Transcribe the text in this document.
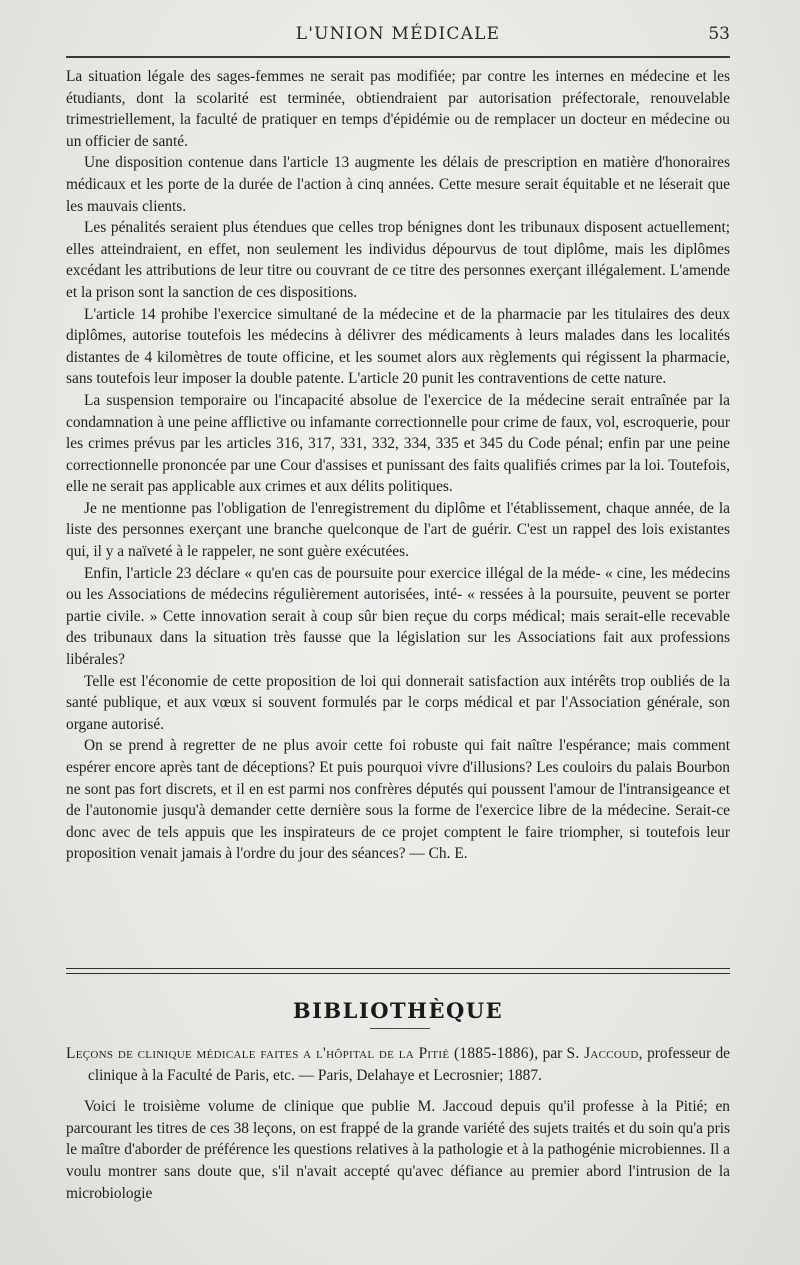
L'UNION MÉDICALE	53

La situation légale des sages-femmes ne serait pas modifiée; par contre les internes en médecine et les étudiants, dont la scolarité est terminée, obtiendraient par autorisation préfectorale, renouvelable trimestriellement, la faculté de pratiquer en temps d'épidémie ou de remplacer un docteur en médecine ou un officier de santé.

Une disposition contenue dans l'article 13 augmente les délais de prescription en matière d'honoraires médicaux et les porte de la durée de l'action à cinq années. Cette mesure serait équitable et ne léserait que les mauvais clients.

Les pénalités seraient plus étendues que celles trop bénignes dont les tribunaux disposent actuellement; elles atteindraient, en effet, non seulement les individus dépourvus de tout diplôme, mais les diplômes excédant les attributions de leur titre ou couvrant de ce titre des personnes exerçant illégalement. L'amende et la prison sont la sanction de ces dispositions.

L'article 14 prohibe l'exercice simultané de la médecine et de la pharmacie par les titulaires des deux diplômes, autorise toutefois les médecins à délivrer des médicaments à leurs malades dans les localités distantes de 4 kilomètres de toute officine, et les soumet alors aux règlements qui régissent la pharmacie, sans toutefois leur imposer la double patente. L'article 20 punit les contraventions de cette nature.

La suspension temporaire ou l'incapacité absolue de l'exercice de la médecine serait entraînée par la condamnation à une peine afflictive ou infamante correctionnelle pour crime de faux, vol, escroquerie, pour les crimes prévus par les articles 316, 317, 331, 332, 334, 335 et 345 du Code pénal; enfin par une peine correctionnelle prononcée par une Cour d'assises et punissant des faits qualifiés crimes par la loi. Toutefois, elle ne serait pas applicable aux crimes et aux délits politiques.

Je ne mentionne pas l'obligation de l'enregistrement du diplôme et l'établissement, chaque année, de la liste des personnes exerçant une branche quelconque de l'art de guérir. C'est un rappel des lois existantes qui, il y a naïveté à le rappeler, ne sont guère exécutées.

Enfin, l'article 23 déclare « qu'en cas de poursuite pour exercice illégal de la méde- « cine, les médecins ou les Associations de médecins régulièrement autorisées, inté- « ressées à la poursuite, peuvent se porter partie civile. » Cette innovation serait à coup sûr bien reçue du corps médical; mais serait-elle recevable des tribunaux dans la situation très fausse que la législation sur les Associations fait aux professions libérales?

Telle est l'économie de cette proposition de loi qui donnerait satisfaction aux intérêts trop oubliés de la santé publique, et aux vœux si souvent formulés par le corps médical et par l'Association générale, son organe autorisé.

On se prend à regretter de ne plus avoir cette foi robuste qui fait naître l'espérance; mais comment espérer encore après tant de déceptions? Et puis pourquoi vivre d'illusions? Les couloirs du palais Bourbon ne sont pas fort discrets, et il en est parmi nos confrères députés qui poussent l'amour de l'intransigeance et de l'autonomie jusqu'à demander cette dernière sous la forme de l'exercice libre de la médecine. Serait-ce donc avec de tels appuis que les inspirateurs de ce projet comptent le faire triompher, si toutefois leur proposition venait jamais à l'ordre du jour des séances? — Ch. E.

BIBLIOTHÈQUE

Leçons de clinique médicale faites a l'hôpital de la Pitié (1885-1886), par S. Jaccoud, professeur de clinique à la Faculté de Paris, etc. — Paris, Delahaye et Lecrosnier; 1887.

Voici le troisième volume de clinique que publie M. Jaccoud depuis qu'il professe à la Pitié; en parcourant les titres de ces 38 leçons, on est frappé de la grande variété des sujets traités et du soin qu'a pris le maître d'aborder de préférence les questions relatives à la pathologie et à la pathogénie microbiennes. Il a voulu montrer sans doute que, s'il n'avait accepté qu'avec défiance au premier abord l'intrusion de la microbiologie
